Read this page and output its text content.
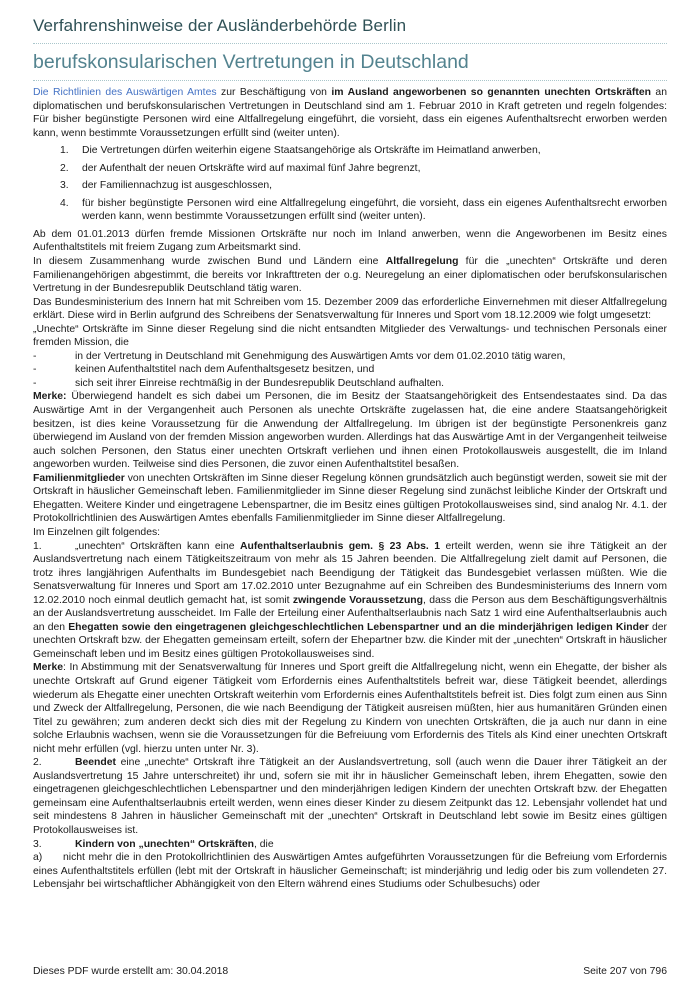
Verfahrenshinweise der Ausländerbehörde Berlin
berufskonsularischen Vertretungen in Deutschland
Die Richtlinien des Auswärtigen Amtes zur Beschäftigung von im Ausland angeworbenen so genannten unechten Ortskräften an diplomatischen und berufskonsularischen Vertretungen in Deutschland sind am 1. Februar 2010 in Kraft getreten und regeln folgendes: Für bisher begünstigte Personen wird eine Altfallregelung eingeführt, die vorsieht, dass ein eigenes Aufenthaltsrecht erworben werden kann, wenn bestimmte Voraussetzungen erfüllt sind (weiter unten).
1.	Die Vertretungen dürfen weiterhin eigene Staatsangehörige als Ortskräfte im Heimatland anwerben,
2.	der Aufenthalt der neuen Ortskräfte wird auf maximal fünf Jahre begrenzt,
3.	der Familiennachzug ist ausgeschlossen,
4.	für bisher begünstigte Personen wird eine Altfallregelung eingeführt, die vorsieht, dass ein eigenes Aufenthaltsrecht erworben werden kann, wenn bestimmte Voraussetzungen erfüllt sind (weiter unten).
Ab dem 01.01.2013 dürfen fremde Missionen Ortskräfte nur noch im Inland anwerben, wenn die Angeworbenen im Besitz eines Aufenthaltstitels mit freiem Zugang zum Arbeitsmarkt sind.
In diesem Zusammenhang wurde zwischen Bund und Ländern eine Altfallregelung für die „unechten“ Ortskräfte und deren Familienangehörigen abgestimmt, die bereits vor Inkrafttreten der o.g. Neuregelung an einer diplomatischen oder berufskonsularischen Vertretung in der Bundesrepublik Deutschland tätig waren.
Das Bundesministerium des Innern hat mit Schreiben vom 15. Dezember 2009 das erforderliche Einvernehmen mit dieser Altfallregelung erklärt. Diese wird in Berlin aufgrund des Schreibens der Senatsverwaltung für Inneres und Sport vom 18.12.2009 wie folgt umgesetzt:
„Unechte“ Ortskräfte im Sinne dieser Regelung sind die nicht entsandten Mitglieder des Verwaltungs- und technischen Personals einer fremden Mission, die
-	in der Vertretung in Deutschland mit Genehmigung des Auswärtigen Amts vor dem 01.02.2010 tätig waren,
-	keinen Aufenthaltstitel nach dem Aufenthaltsgesetz besitzen, und
-	sich seit ihrer Einreise rechtmäßig in der Bundesrepublik Deutschland aufhalten.
Merke: Überwiegend handelt es sich dabei um Personen, die im Besitz der Staatsangehörigkeit des Entsendestaates sind. Da das Auswärtige Amt in der Vergangenheit auch Personen als unechte Ortskräfte zugelassen hat, die eine andere Staatsangehörigkeit besitzen, ist dies keine Voraussetzung für die Anwendung der Altfallregelung. Im übrigen ist der begünstigte Personenkreis ganz überwiegend im Ausland von der fremden Mission angeworben wurden. Allerdings hat das Auswärtige Amt in der Vergangenheit teilweise auch solchen Personen, den Status einer unechten Ortskraft verliehen und ihnen einen Protokollausweis ausgestellt, die im Inland angeworben wurden. Teilweise sind dies Personen, die zuvor einen Aufenthaltstitel besaßen.
Familienmitglieder von unechten Ortskräften im Sinne dieser Regelung können grundsätzlich auch begünstigt werden, soweit sie mit der Ortskraft in häuslicher Gemeinschaft leben. Familienmitglieder im Sinne dieser Regelung sind zunächst leibliche Kinder der Ortskraft und Ehegatten. Weitere Kinder und eingetragene Lebenspartner, die im Besitz eines gültigen Protokollausweises sind, sind analog Nr. 4.1. der Protokollrichtlinien des Auswärtigen Amtes ebenfalls Familienmitglieder im Sinne dieser Altfallregelung.
Im Einzelnen gilt folgendes:
1.	„unechten“ Ortskräften kann eine Aufenthaltserlaubnis gem. § 23 Abs. 1 erteilt werden, wenn sie ihre Tätigkeit an der Auslandsvertretung nach einem Tätigkeitszeitraum von mehr als 15 Jahren beenden. Die Altfallregelung zielt damit auf Personen, die trotz ihres langjährigen Aufenthalts im Bundesgebiet nach Beendigung der Tätigkeit das Bundesgebiet verlassen müßten. Wie die Senatsverwaltung für Inneres und Sport am 17.02.2010 unter Bezugnahme auf ein Schreiben des Bundesministeriums des Innern vom 12.02.2010 noch einmal deutlich gemacht hat, ist somit zwingende Voraussetzung, dass die Person aus dem Beschäftigungsverhältnis an der Auslandsvertretung ausscheidet. Im Falle der Erteilung einer Aufenthaltserlaubnis nach Satz 1 wird eine Aufenthaltserlaubnis auch an den Ehegatten sowie den eingetragenen gleichgeschlechtlichen Lebenspartner und an die minderjährigen ledigen Kinder der unechten Ortskraft bzw. der Ehegatten gemeinsam erteilt, sofern der Ehepartner bzw. die Kinder mit der „unechten“ Ortskraft in häuslicher Gemeinschaft leben und im Besitz eines gültigen Protokollausweises sind.
Merke: In Abstimmung mit der Senatsverwaltung für Inneres und Sport greift die Altfallregelung nicht, wenn ein Ehegatte, der bisher als unechte Ortskraft auf Grund eigener Tätigkeit vom Erfordernis eines Aufenthaltstitels befreit war, diese Tätigkeit beendet, allerdings wiederum als Ehegatte einer unechten Ortskraft weiterhin vom Erfordernis eines Aufenthaltstitels befreit ist. Dies folgt zum einen aus Sinn und Zweck der Altfallregelung, Personen, die wie nach Beendigung der Tätigkeit ausreisen müßten, hier aus humanitären Gründen einen Titel zu gewähren; zum anderen deckt sich dies mit der Regelung zu Kindern von unechten Ortskräften, die ja auch nur dann in eine solche Erlaubnis wachsen, wenn sie die Voraussetzungen für die Befreiuung vom Erfordernis des Titels als Kind einer unechten Ortskraft nicht mehr erfüllen (vgl. hierzu unten unter Nr. 3).
2.	Beendet eine „unechte“ Ortskraft ihre Tätigkeit an der Auslandsvertretung, soll (auch wenn die Dauer ihrer Tätigkeit an der Auslandsvertretung 15 Jahre unterschreitet) ihr und, sofern sie mit ihr in häuslicher Gemeinschaft leben, ihrem Ehegatten, sowie den eingetragenen gleichgeschlechtlichen Lebenspartner und den minderjährigen ledigen Kindern der unechten Ortskraft bzw. der Ehegatten gemeinsam eine Aufenthaltserlaubnis erteilt werden, wenn eines dieser Kinder zu diesem Zeitpunkt das 12. Lebensjahr vollendet hat und seit mindestens 8 Jahren in häuslicher Gemeinschaft mit der „unechten“ Ortskraft in Deutschland lebt sowie im Besitz eines gültigen Protokollausweises ist.
3.	Kindern von „unechten“ Ortskräften, die
a) nicht mehr die in den Protokollrichtlinien des Auswärtigen Amtes aufgeführten Voraussetzungen für die Befreiung vom Erfordernis eines Aufenthaltstitels erfüllen (lebt mit der Ortskraft in häuslicher Gemeinschaft; ist minderjährig und ledig oder bis zum vollendeten 27. Lebensjahr bei wirtschaftlicher Abhängigkeit von den Eltern während eines Studiums oder Schulbesuchs) oder
Dieses PDF wurde erstellt am: 30.04.2018	Seite 207 von 796
